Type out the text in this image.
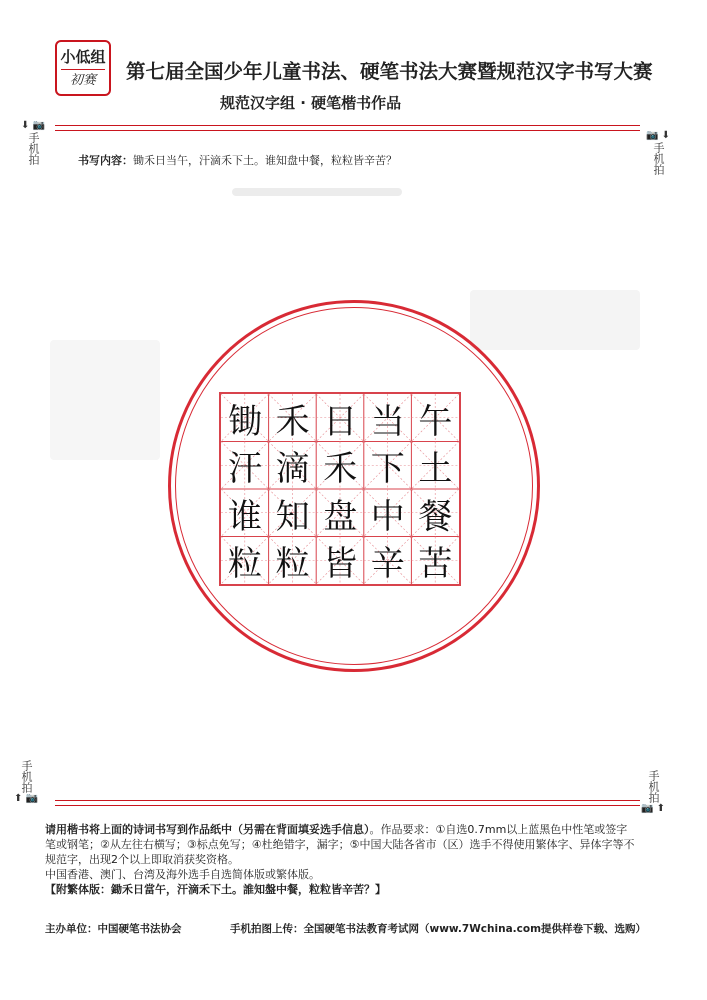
小低组
初赛 第七届全国少年儿童书法、硬笔书法大赛暨规范汉字书写大赛
规范汉字组 · 硬笔楷书作品
⬇ 📷
手机拍	📷 ⬇
手机拍
书写内容：锄禾日当午，汗滴禾下土。谁知盘中餐，粒粒皆辛苦？
锄 禾 日 当 午
汗 滴 禾 下 土
谁 知 盘 中 餐
粒 粒 皆 辛 苦
手机拍
⬆ 📷	手机拍
📷 ⬆
请用楷书将上面的诗词书写到作品纸中（另需在背面填妥选手信息）。作品要求：①自选0.7mm以上蓝黑色中性笔或签字笔或钢笔；②从左往右横写；③标点免写；④杜绝错字，漏字；⑤中国大陆各省市（区）选手不得使用繁体字、异体字等不规范字，出现2个以上即取消获奖资格。
中国香港、澳门、台湾及海外选手自选简体版或繁体版。
【附繁体版：鋤禾日當午，汗滴禾下土。誰知盤中餐，粒粒皆辛苦？】
主办单位：中国硬笔书法协会	手机拍图上传：全国硬笔书法教育考试网（www.7Wchina.com提供样卷下载、选购）
